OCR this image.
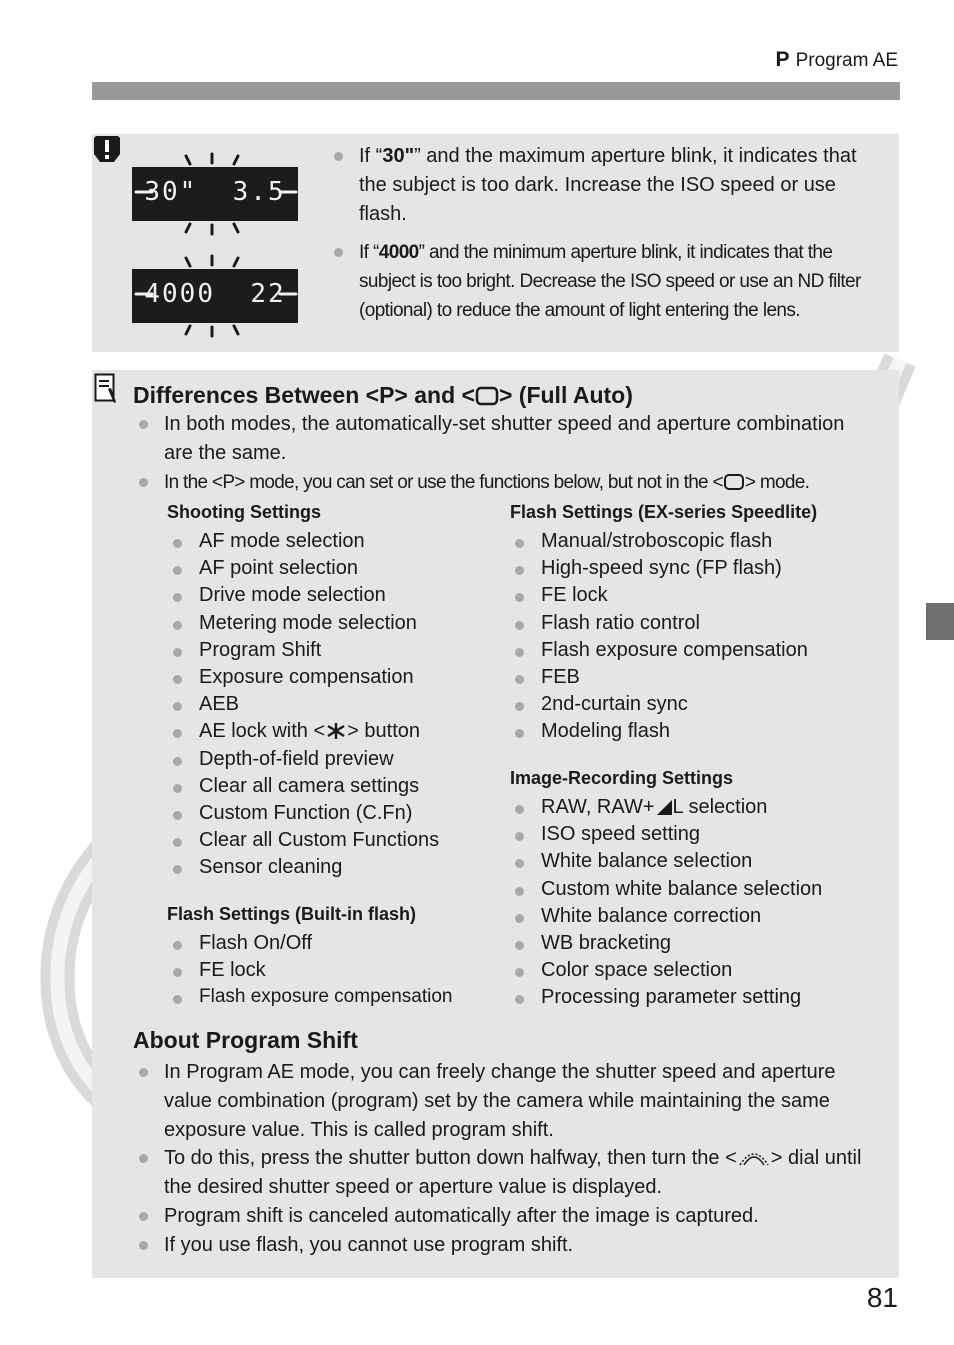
P Program AE
30" 3.5
4000 22
If “30"” and the maximum aperture blink, it indicates that the subject is too dark. Increase the ISO speed or use flash.
If “4000” and the minimum aperture blink, it indicates that the subject is too bright. Decrease the ISO speed or use an ND filter (optional) to reduce the amount of light entering the lens.
Differences Between <P> and < > (Full Auto)
In both modes, the automatically-set shutter speed and aperture combination are the same.
In the <P> mode, you can set or use the functions below, but not in the < > mode.
Shooting Settings
AF mode selection
AF point selection
Drive mode selection
Metering mode selection
Program Shift
Exposure compensation
AEB
AE lock with < > button
Depth-of-field preview
Clear all camera settings
Custom Function (C.Fn)
Clear all Custom Functions
Sensor cleaning
Flash Settings (Built-in flash)
Flash On/Off
FE lock
Flash exposure compensation
Flash Settings (EX-series Speedlite)
Manual/stroboscopic flash
High-speed sync (FP flash)
FE lock
Flash ratio control
Flash exposure compensation
FEB
2nd-curtain sync
Modeling flash
Image-Recording Settings
RAW, RAW+ L selection
ISO speed setting
White balance selection
Custom white balance selection
White balance correction
WB bracketing
Color space selection
Processing parameter setting
About Program Shift
In Program AE mode, you can freely change the shutter speed and aperture value combination (program) set by the camera while maintaining the same exposure value. This is called program shift.
To do this, press the shutter button down halfway, then turn the < > dial until the desired shutter speed or aperture value is displayed.
Program shift is canceled automatically after the image is captured.
If you use flash, you cannot use program shift.
81
